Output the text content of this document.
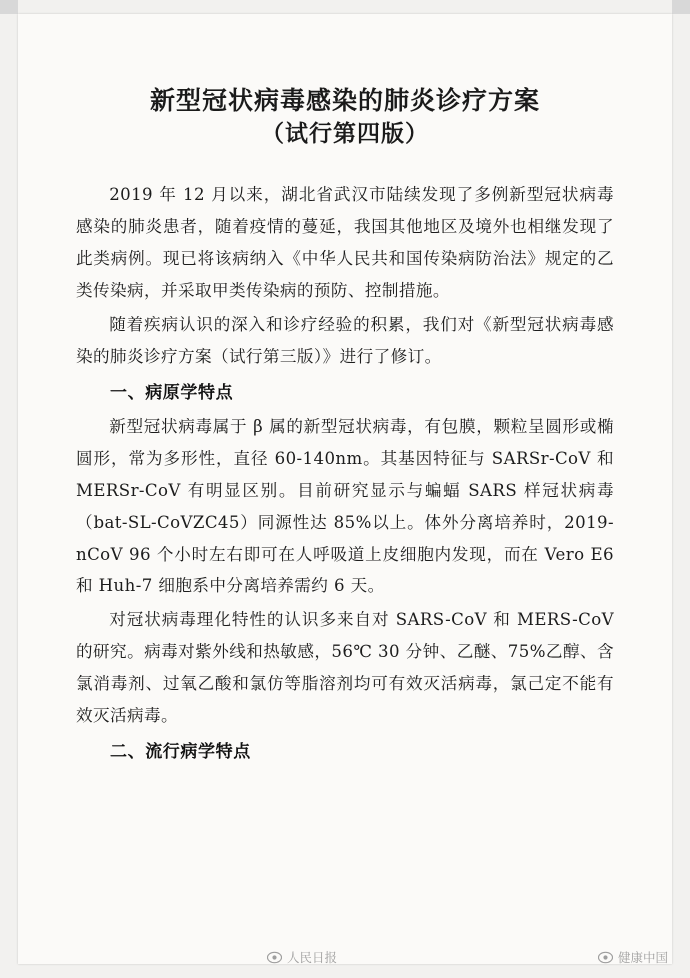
新型冠状病毒感染的肺炎诊疗方案
（试行第四版）

2019 年 12 月以来，湖北省武汉市陆续发现了多例新型冠状病毒感染的肺炎患者，随着疫情的蔓延，我国其他地区及境外也相继发现了此类病例。现已将该病纳入《中华人民共和国传染病防治法》规定的乙类传染病，并采取甲类传染病的预防、控制措施。

随着疾病认识的深入和诊疗经验的积累，我们对《新型冠状病毒感染的肺炎诊疗方案（试行第三版）》进行了修订。

一、病原学特点

新型冠状病毒属于 β 属的新型冠状病毒，有包膜，颗粒呈圆形或椭圆形，常为多形性，直径 60-140nm。其基因特征与 SARSr-CoV 和 MERSr-CoV 有明显区别。目前研究显示与蝙蝠 SARS 样冠状病毒（bat-SL-CoVZC45）同源性达 85%以上。体外分离培养时，2019-nCoV 96 个小时左右即可在人呼吸道上皮细胞内发现，而在 Vero E6 和 Huh-7 细胞系中分离培养需约 6 天。

对冠状病毒理化特性的认识多来自对 SARS-CoV 和 MERS-CoV 的研究。病毒对紫外线和热敏感，56℃ 30 分钟、乙醚、75%乙醇、含氯消毒剂、过氧乙酸和氯仿等脂溶剂均可有效灭活病毒，氯己定不能有效灭活病毒。

二、流行病学特点

人民日报	健康中国
